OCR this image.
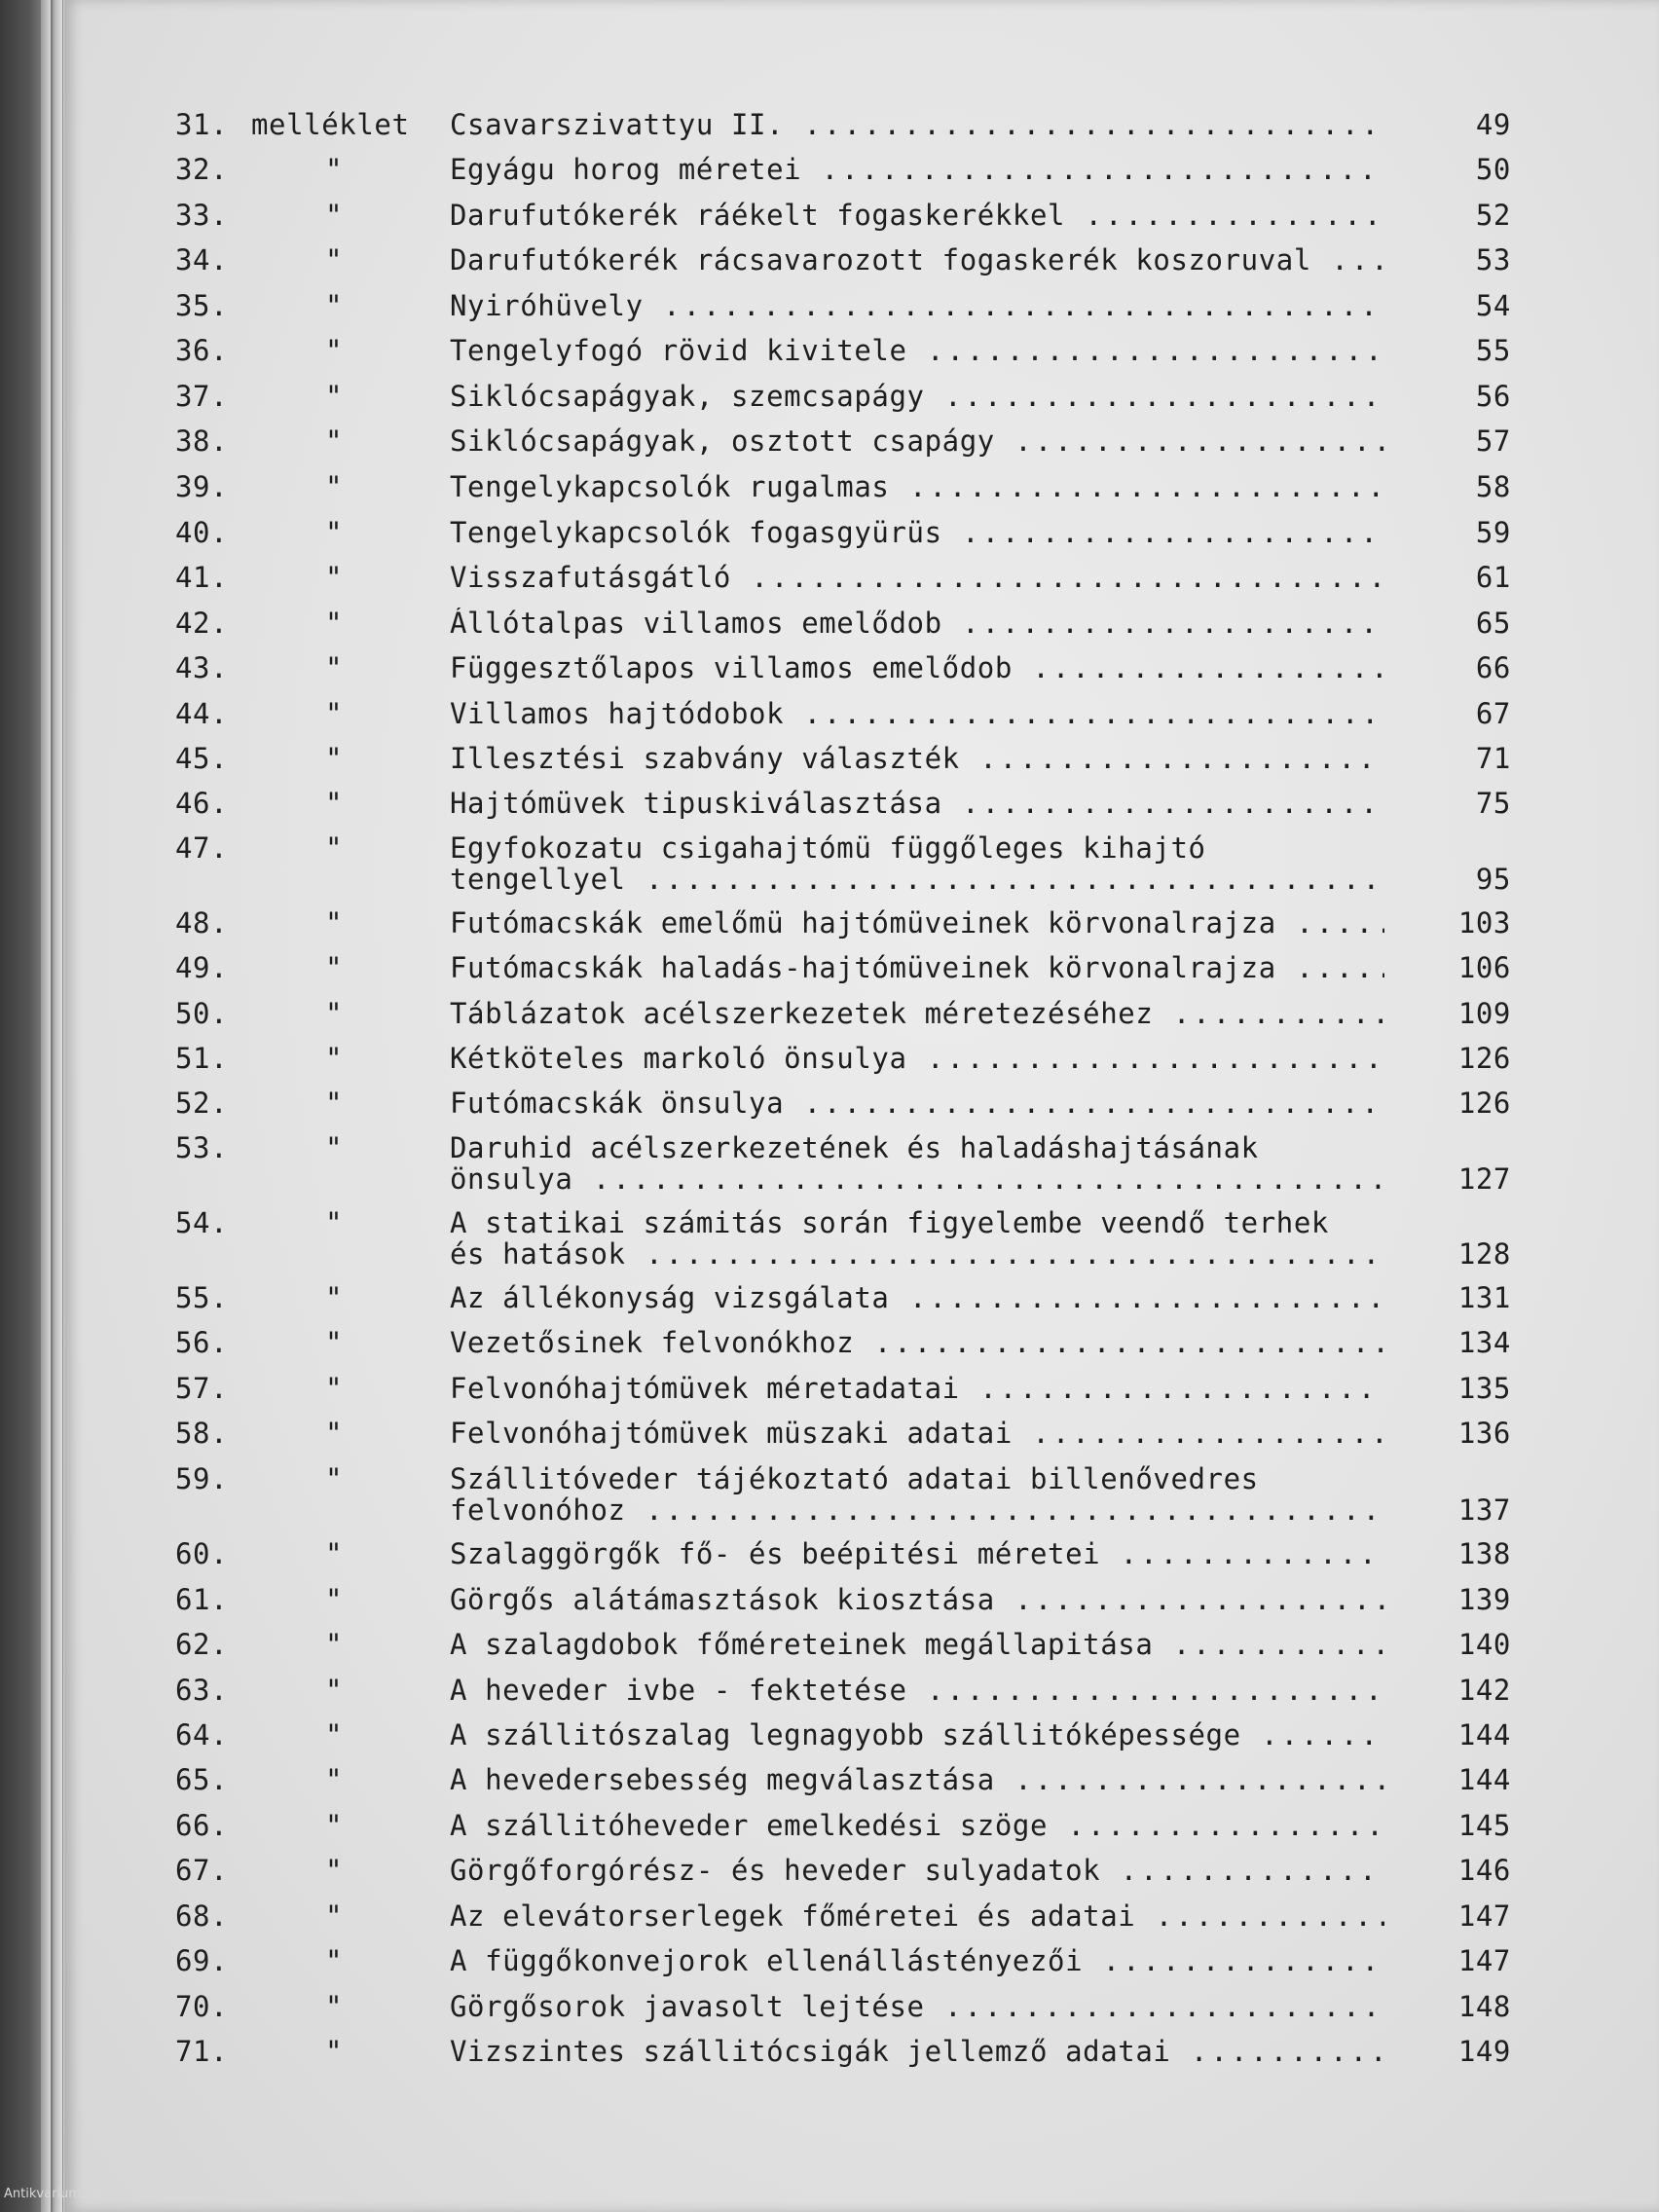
31. melléklet	Csavarszivattyu II. .....	49
32.	"	Egyágu horog méretei .....	50
33.	"	Darufutókerék ráékelt fogaskerékkel .....	52
34.	"	Darufutókerék rácsavarozott fogaskerék koszoruval .....	53
35.	"	Nyiróhüvely .....	54
36.	"	Tengelyfogó rövid kivitele .....	55
37.	"	Siklócsapágyak, szemcsapágy .....	56
38.	"	Siklócsapágyak, osztott csapágy .....	57
39.	"	Tengelykapcsolók rugalmas .....	58
40.	"	Tengelykapcsolók fogasgyürüs .....	59
41.	"	Visszafutásgátló .....	61
42.	"	Állótalpas villamos emelődob .....	65
43.	"	Függesztőlapos villamos emelődob .....	66
44.	"	Villamos hajtódobok .....	67
45.	"	Illesztési szabvány választék .....	71
46.	"	Hajtómüvek tipuskiválasztása .....	75
47.	"	Egyfokozatu csigahajtómü függőleges kihajtó
tengellyel .....	95
48.	"	Futómacskák emelőmü hajtómüveinek körvonalrajza .....	103
49.	"	Futómacskák haladás-hajtómüveinek körvonalrajza .....	106
50.	"	Táblázatok acélszerkezetek méretezéséhez .....	109
51.	"	Kétköteles markoló önsulya .....	126
52.	"	Futómacskák önsulya .....	126
53.	"	Daruhid acélszerkezetének és haladáshajtásának
önsulya .....	127
54.	"	A statikai számitás során figyelembe veendő terhek
és hatások .....	128
55.	"	Az állékonyság vizsgálata .....	131
56.	"	Vezetősinek felvonókhoz .....	134
57.	"	Felvonóhajtómüvek méretadatai .....	135
58.	"	Felvonóhajtómüvek müszaki adatai .....	136
59.	"	Szállitóveder tájékoztató adatai billenővedres
felvonóhoz .....	137
60.	"	Szalaggörgők fő- és beépitési méretei .....	138
61.	"	Görgős alátámasztások kiosztása .....	139
62.	"	A szalagdobok főméreteinek megállapitása .....	140
63.	"	A heveder ivbe - fektetése .....	142
64.	"	A szállitószalag legnagyobb szállitóképessége .....	144
65.	"	A hevedersebesség megválasztása .....	144
66.	"	A szállitóheveder emelkedési szöge .....	145
67.	"	Görgőforgórész- és heveder sulyadatok .....	146
68.	"	Az elevátorserlegek főméretei és adatai .....	147
69.	"	A függőkonvejorok ellenállástényezői .....	147
70.	"	Görgősorok javasolt lejtése .....	148
71.	"	Vizszintes szállitócsigák jellemző adatai .....	149
Antikvarium.hu
